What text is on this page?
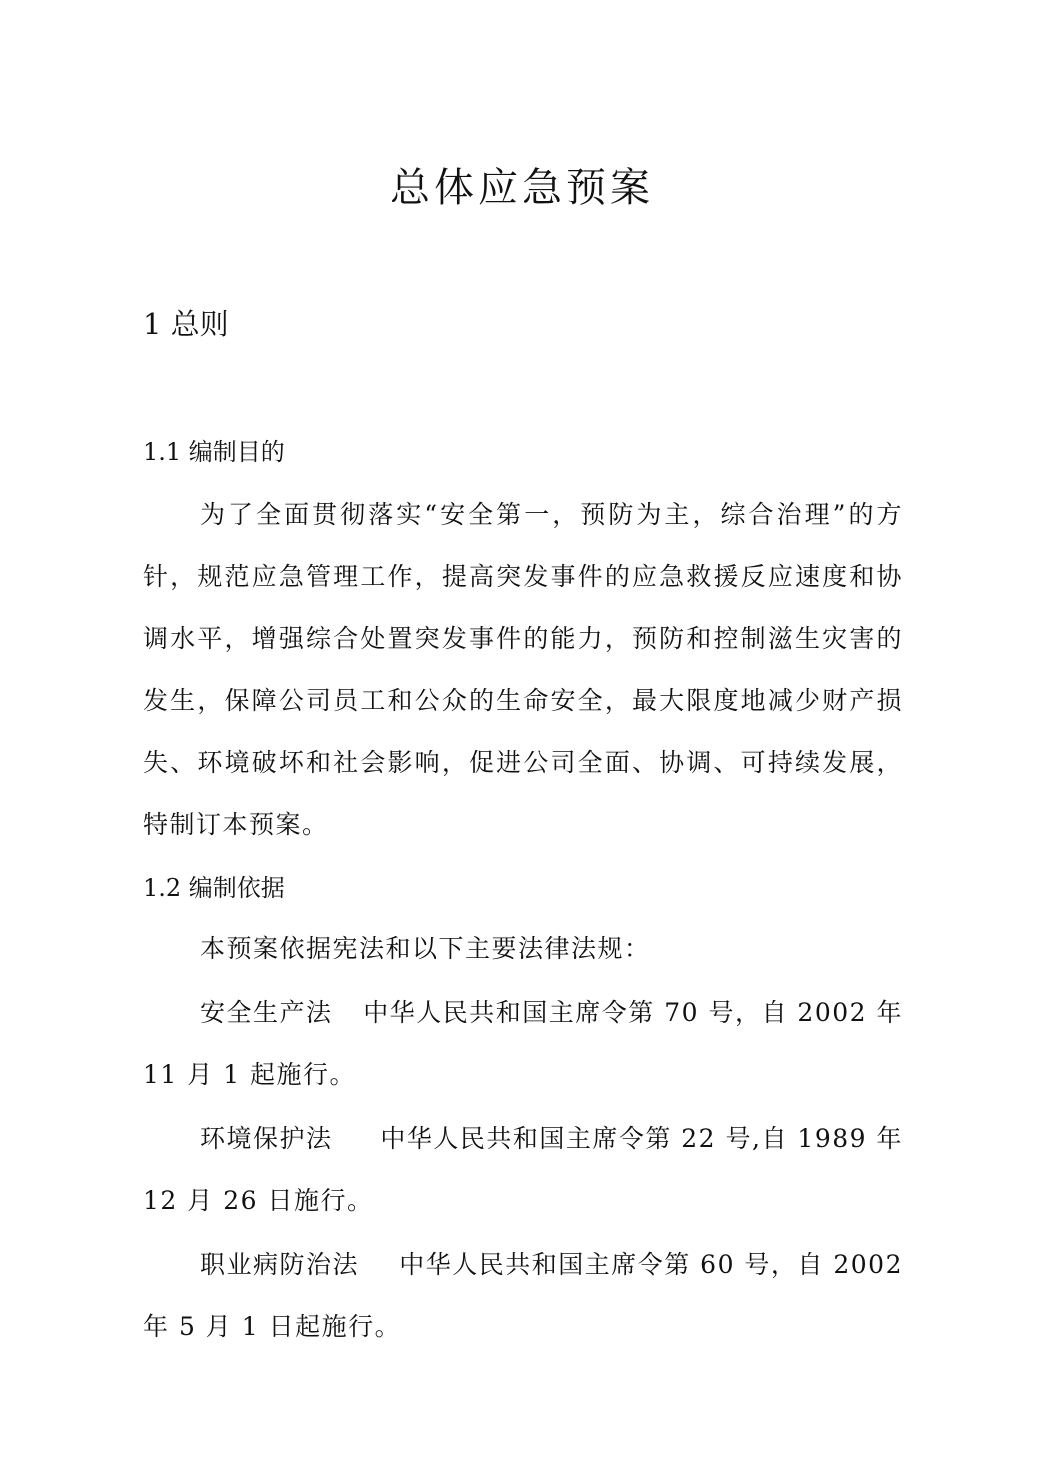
总体应急预案
1 总则
1.1 编制目的
为了全面贯彻落实“安全第一，预防为主，综合治理”的方针，规范应急管理工作，提高突发事件的应急救援反应速度和协调水平，增强综合处置突发事件的能力，预防和控制滋生灾害的发生，保障公司员工和公众的生命安全，最大限度地减少财产损失、环境破坏和社会影响，促进公司全面、协调、可持续发展，特制订本预案。
1.2 编制依据
本预案依据宪法和以下主要法律法规：
安全生产法 中华人民共和国主席令第 70 号，自 2002 年
11 月 1 起施行。
环境保护法 中华人民共和国主席令第 22 号,自 1989 年
12 月 26 日施行。
职业病防治法 中华人民共和国主席令第 60 号，自 2002
年 5 月 1 日起施行。
